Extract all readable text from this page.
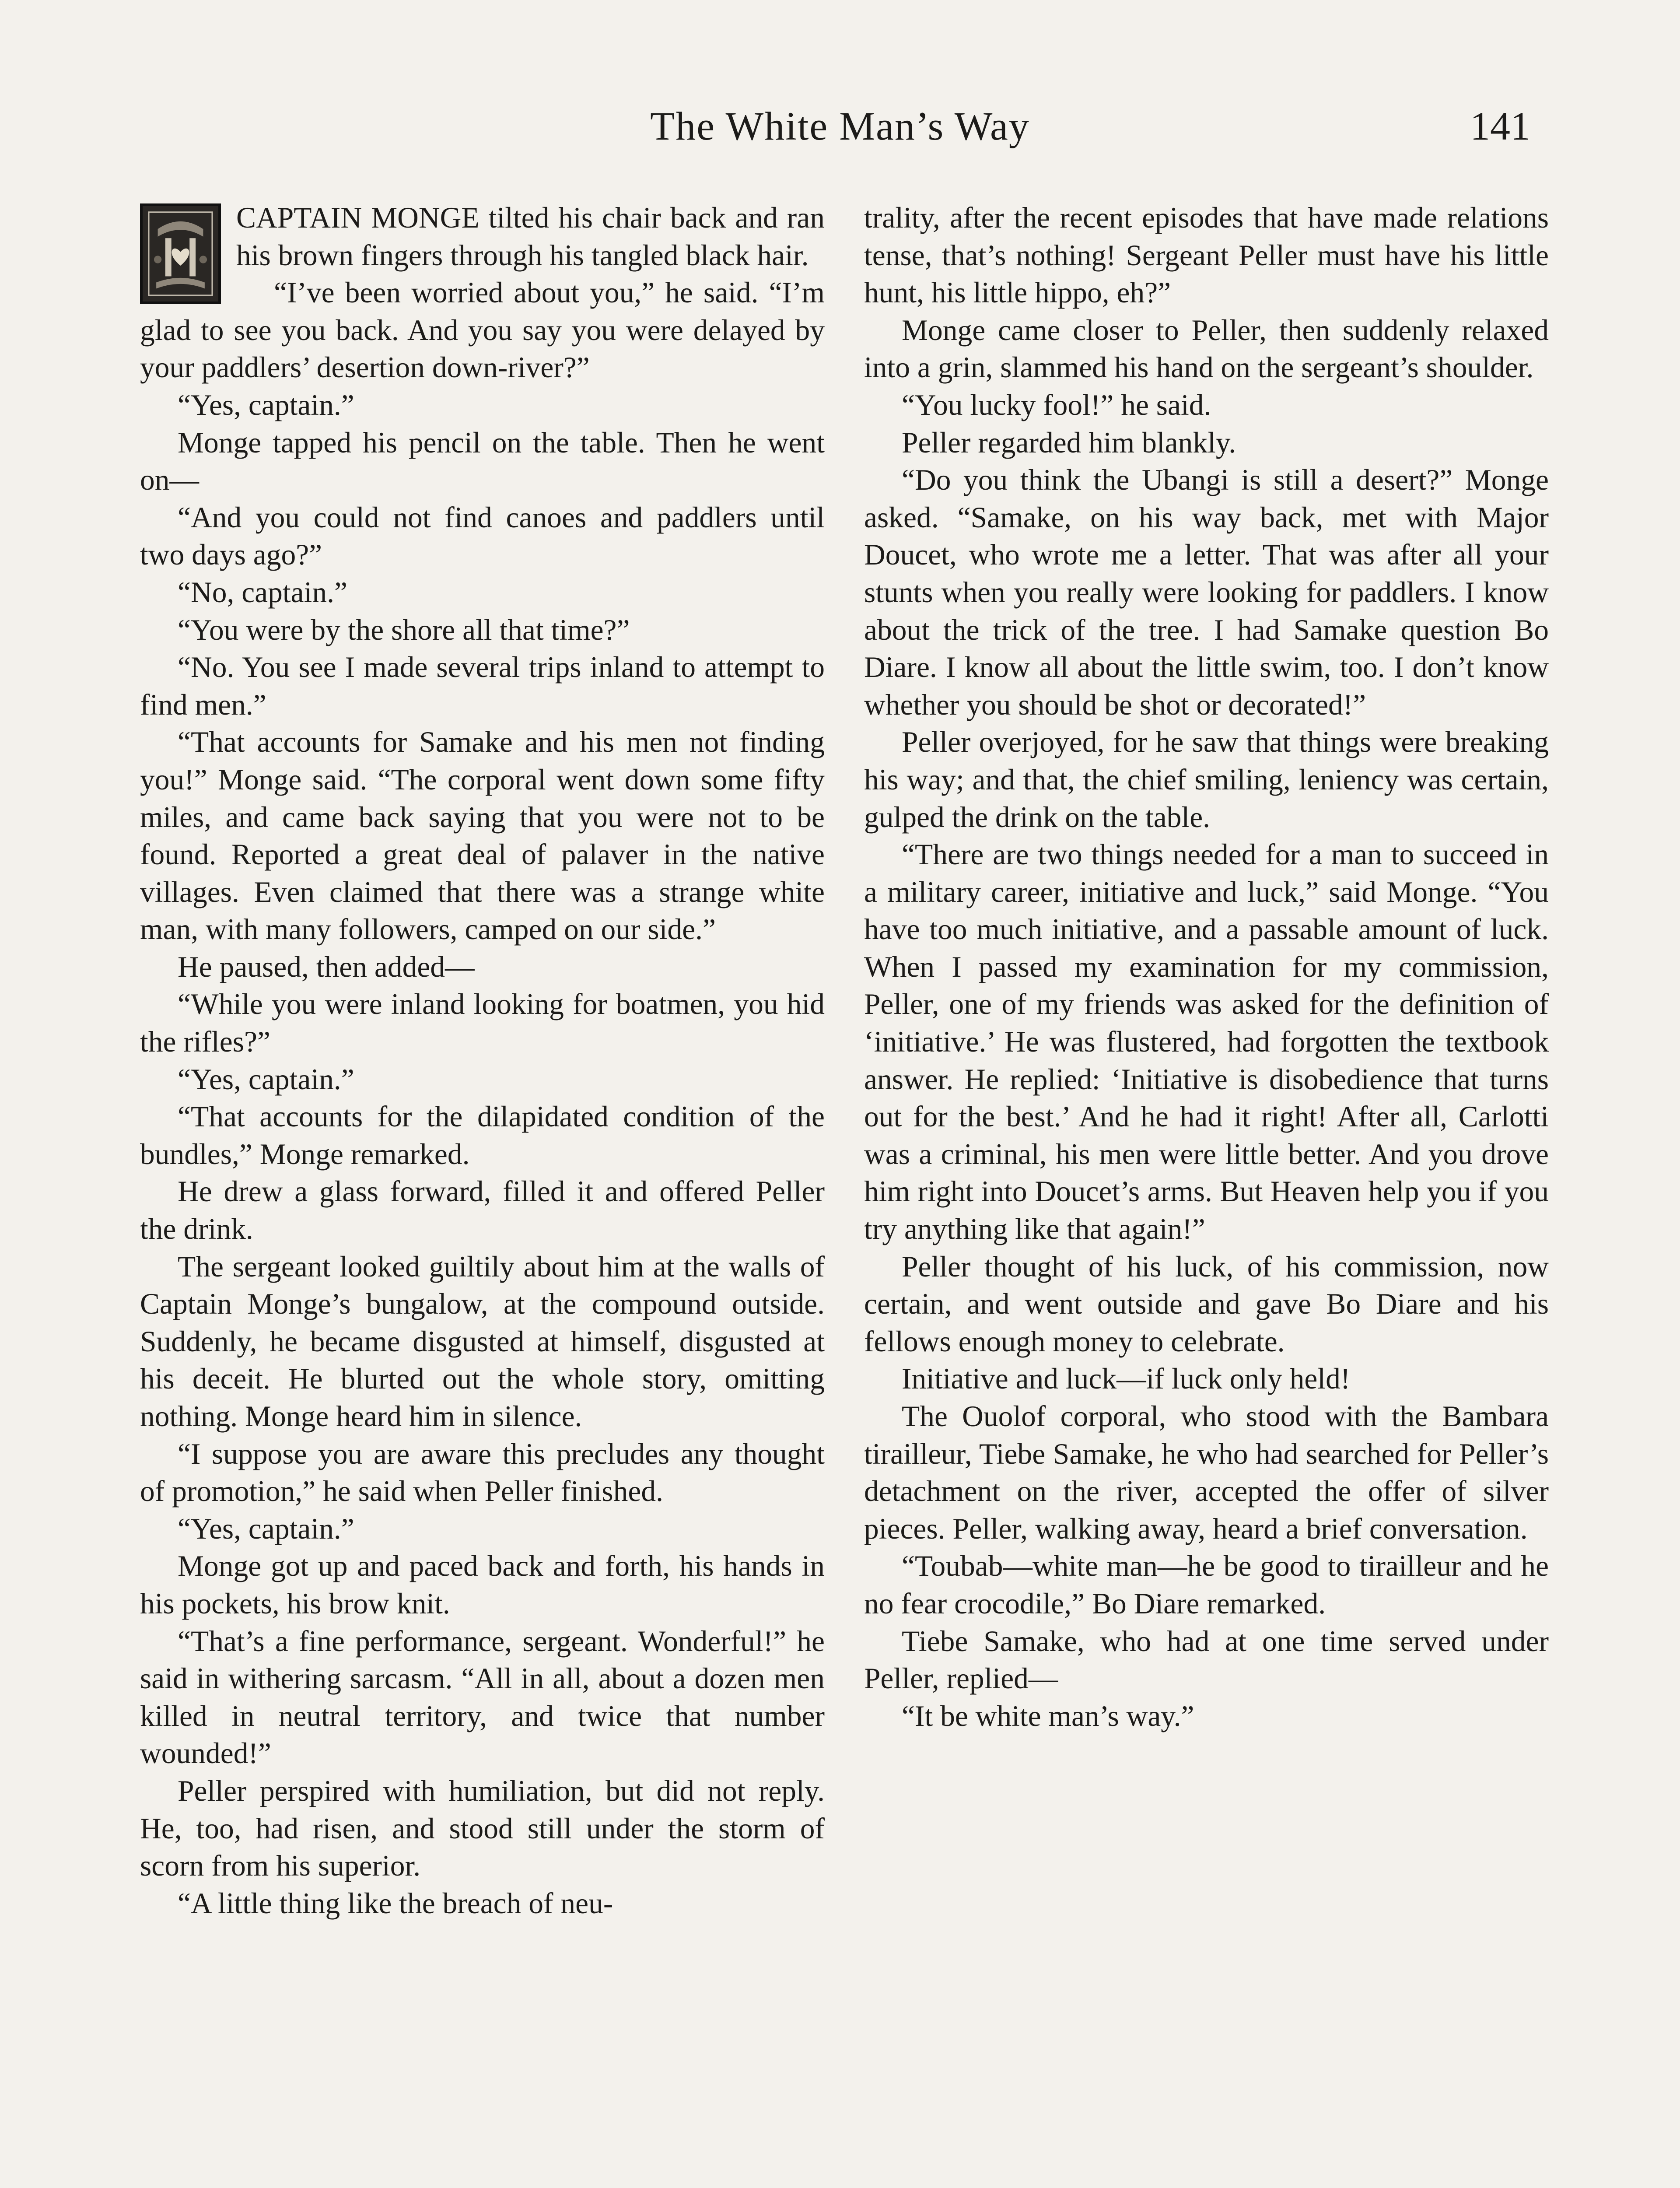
The White Man’s Way	141

CAPTAIN MONGE tilted his chair back and ran his brown fingers through his tangled black hair.

“I’ve been worried about you,” he said. “I’m glad to see you back. And you say you were delayed by your paddlers’ desertion down-river?”

“Yes, captain.”

Monge tapped his pencil on the table. Then he went on—

“And you could not find canoes and paddlers until two days ago?”

“No, captain.”

“You were by the shore all that time?”

“No. You see I made several trips inland to attempt to find men.”

“That accounts for Samake and his men not finding you!” Monge said. “The corporal went down some fifty miles, and came back saying that you were not to be found. Reported a great deal of palaver in the native villages. Even claimed that there was a strange white man, with many followers, camped on our side.”

He paused, then added—

“While you were inland looking for boatmen, you hid the rifles?”

“Yes, captain.”

“That accounts for the dilapidated condition of the bundles,” Monge remarked.

He drew a glass forward, filled it and offered Peller the drink.

The sergeant looked guiltily about him at the walls of Captain Monge’s bungalow, at the compound outside. Suddenly, he became disgusted at himself, disgusted at his deceit. He blurted out the whole story, omitting nothing. Monge heard him in silence.

“I suppose you are aware this precludes any thought of promotion,” he said when Peller finished.

“Yes, captain.”

Monge got up and paced back and forth, his hands in his pockets, his brow knit.

“That’s a fine performance, sergeant. Wonderful!” he said in withering sarcasm. “All in all, about a dozen men killed in neutral territory, and twice that number wounded!”

Peller perspired with humiliation, but did not reply. He, too, had risen, and stood still under the storm of scorn from his superior.

“A little thing like the breach of neu-

trality, after the recent episodes that have made relations tense, that’s nothing! Sergeant Peller must have his little hunt, his little hippo, eh?”

Monge came closer to Peller, then suddenly relaxed into a grin, slammed his hand on the sergeant’s shoulder.

“You lucky fool!” he said.

Peller regarded him blankly.

“Do you think the Ubangi is still a desert?” Monge asked. “Samake, on his way back, met with Major Doucet, who wrote me a letter. That was after all your stunts when you really were looking for paddlers. I know about the trick of the tree. I had Samake question Bo Diare. I know all about the little swim, too. I don’t know whether you should be shot or decorated!”

Peller overjoyed, for he saw that things were breaking his way; and that, the chief smiling, leniency was certain, gulped the drink on the table.

“There are two things needed for a man to succeed in a military career, initiative and luck,” said Monge. “You have too much initiative, and a passable amount of luck. When I passed my examination for my commission, Peller, one of my friends was asked for the definition of ‘initiative.’ He was flustered, had forgotten the textbook answer. He replied: ‘Initiative is disobedience that turns out for the best.’ And he had it right! After all, Carlotti was a criminal, his men were little better. And you drove him right into Doucet’s arms. But Heaven help you if you try anything like that again!”

Peller thought of his luck, of his commission, now certain, and went outside and gave Bo Diare and his fellows enough money to celebrate.

Initiative and luck—if luck only held!

The Ouolof corporal, who stood with the Bambara tirailleur, Tiebe Samake, he who had searched for Peller’s detachment on the river, accepted the offer of silver pieces. Peller, walking away, heard a brief conversation.

“Toubab—white man—he be good to tirailleur and he no fear crocodile,” Bo Diare remarked.

Tiebe Samake, who had at one time served under Peller, replied—

“It be white man’s way.”
